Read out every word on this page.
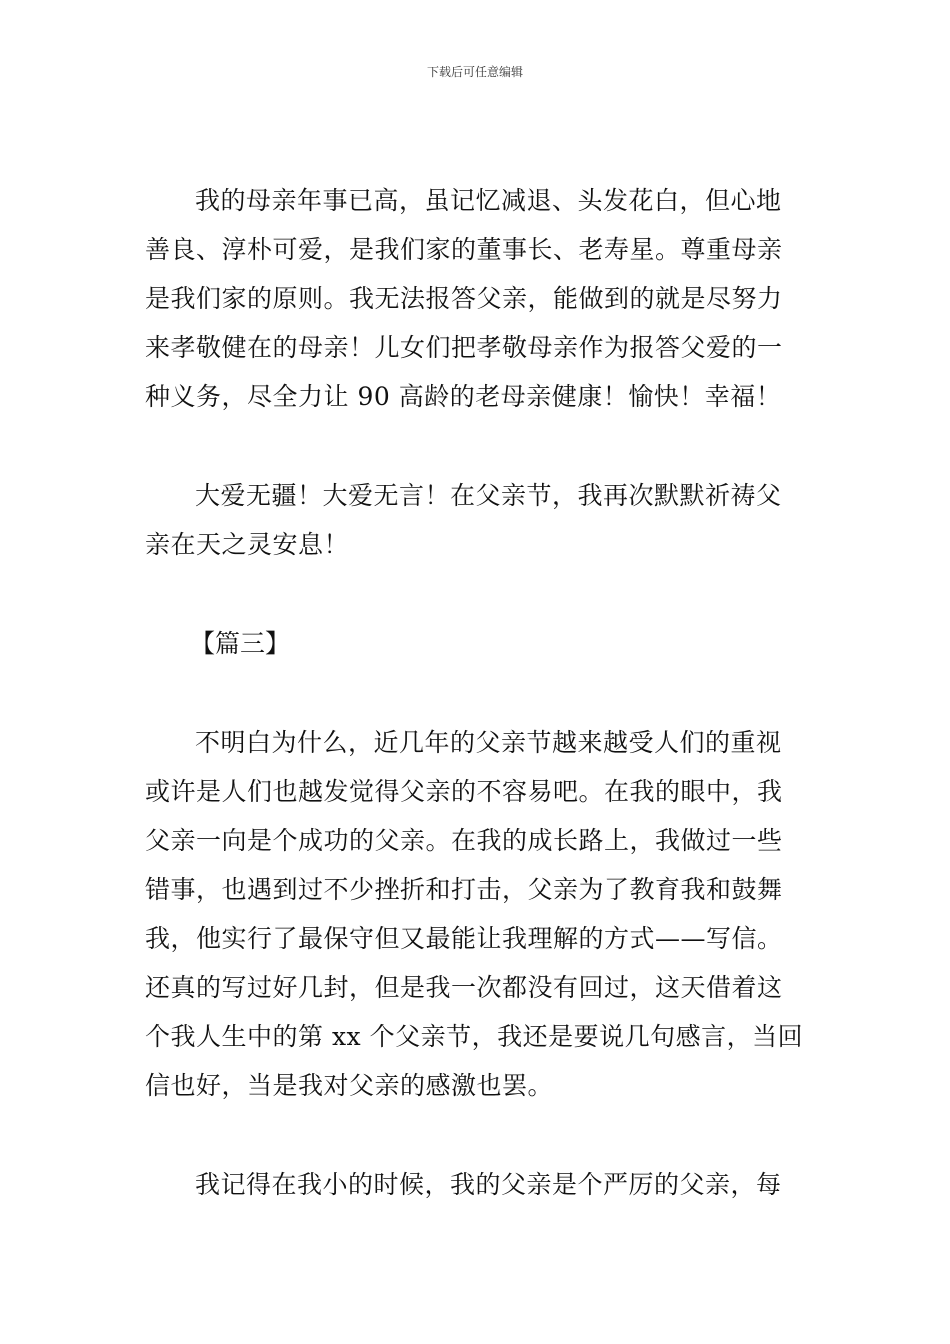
下载后可任意编辑

我的母亲年事已高，虽记忆减退、头发花白，但心地
善良、淳朴可爱，是我们家的董事长、老寿星。尊重母亲
是我们家的原则。我无法报答父亲，能做到的就是尽努力
来孝敬健在的母亲！儿女们把孝敬母亲作为报答父爱的一
种义务，尽全力让 90 高龄的老母亲健康！愉快！幸福！

大爱无疆！大爱无言！在父亲节，我再次默默祈祷父
亲在天之灵安息！

【篇三】

不明白为什么，近几年的父亲节越来越受人们的重视
或许是人们也越发觉得父亲的不容易吧。在我的眼中，我
父亲一向是个成功的父亲。在我的成长路上，我做过一些
错事，也遇到过不少挫折和打击，父亲为了教育我和鼓舞
我，他实行了最保守但又最能让我理解的方式——写信。
还真的写过好几封，但是我一次都没有回过，这天借着这
个我人生中的第 xx 个父亲节，我还是要说几句感言，当回
信也好，当是我对父亲的感激也罢。

我记得在我小的时候，我的父亲是个严厉的父亲，每
